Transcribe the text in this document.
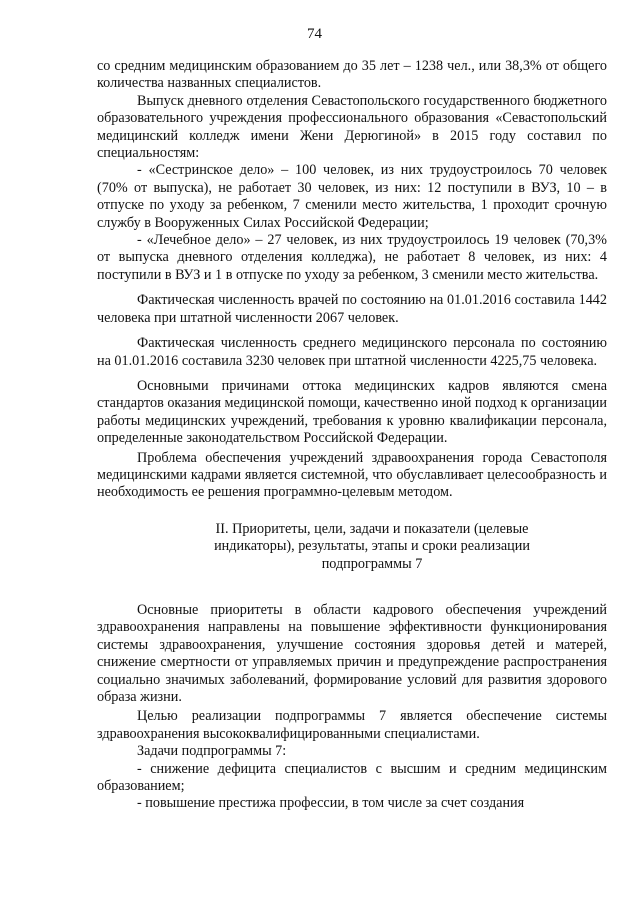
74

со средним медицинским образованием до 35 лет – 1238 чел., или 38,3% от общего количества названных специалистов.

Выпуск дневного отделения Севастопольского государственного бюджетного образовательного учреждения профессионального образования «Севастопольский медицинский колледж имени Жени Дерюгиной» в 2015 году составил по специальностям:

- «Сестринское дело» – 100 человек, из них трудоустроилось 70 человек (70% от выпуска), не работает 30 человек, из них: 12 поступили в ВУЗ, 10 – в отпуске по уходу за ребенком, 7 сменили место жительства, 1 проходит срочную службу в Вооруженных Силах Российской Федерации;

- «Лечебное дело» – 27 человек, из них трудоустроилось 19 человек (70,3% от выпуска дневного отделения колледжа), не работает 8 человек, из них: 4 поступили в ВУЗ и 1 в отпуске по уходу за ребенком, 3 сменили место жительства.

Фактическая численность врачей по состоянию на 01.01.2016 составила 1442 человека при штатной численности 2067 человек.

Фактическая численность среднего медицинского персонала по состоянию на 01.01.2016 составила 3230 человек при штатной численности 4225,75 человека.

Основными причинами оттока медицинских кадров являются смена стандартов оказания медицинской помощи, качественно иной подход к организации работы медицинских учреждений, требования к уровню квалификации персонала, определенные законодательством Российской Федерации.

Проблема обеспечения учреждений здравоохранения города Севастополя медицинскими кадрами является системной, что обуславливает целесообразность и необходимость ее решения программно-целевым методом.

II. Приоритеты, цели, задачи и показатели (целевые
индикаторы), результаты, этапы и сроки реализации
подпрограммы 7

Основные приоритеты в области кадрового обеспечения учреждений здравоохранения направлены на повышение эффективности функционирования системы здравоохранения, улучшение состояния здоровья детей и матерей, снижение смертности от управляемых причин и предупреждение распространения социально значимых заболеваний, формирование условий для развития здорового образа жизни.

Целью реализации подпрограммы 7 является обеспечение системы здравоохранения высококвалифицированными специалистами.

Задачи подпрограммы 7:

- снижение дефицита специалистов с высшим и средним медицинским образованием;

- повышение престижа профессии, в том числе за счет создания
